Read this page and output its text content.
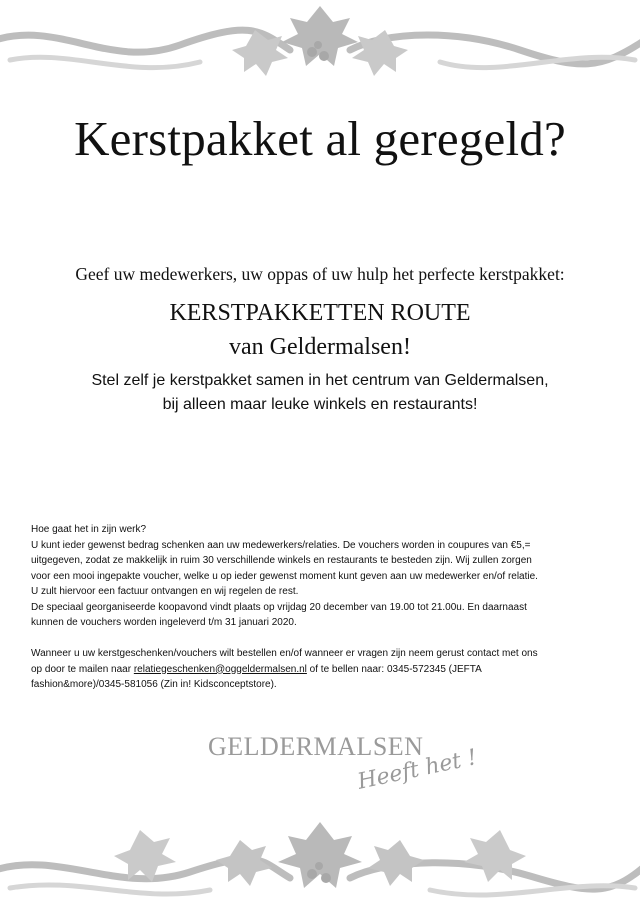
Kerstpakket al geregeld?
Geef uw medewerkers, uw oppas of uw hulp het perfecte kerstpakket:
KERSTPAKKETTEN ROUTE
van Geldermalsen!
Stel zelf je kerstpakket samen in het centrum van Geldermalsen,
bij alleen maar leuke winkels en restaurants!
Hoe gaat het in zijn werk?
U kunt ieder gewenst bedrag schenken aan uw medewerkers/relaties. De vouchers worden in coupures van €5,=
uitgegeven, zodat ze makkelijk in ruim 30 verschillende winkels en restaurants te besteden zijn. Wij zullen zorgen
voor een mooi ingepakte voucher, welke u op ieder gewenst moment kunt geven aan uw medewerker en/of relatie.
U zult hiervoor een factuur ontvangen en wij regelen de rest.
De speciaal georganiseerde koopavond vindt plaats op vrijdag 20 december van 19.00 tot 21.00u. En daarnaast
kunnen de vouchers worden ingeleverd t/m 31 januari 2020.
Wanneer u uw kerstgeschenken/vouchers wilt bestellen en/of wanneer er vragen zijn neem gerust contact met ons
op door te mailen naar relatiegeschenken@oggeldermalsen.nl of te bellen naar: 0345-572345 (JEFTA
fashion&more)/0345-581056 (Zin in! Kidsconceptstore).
GELDERMALSEN
Heeft het !
